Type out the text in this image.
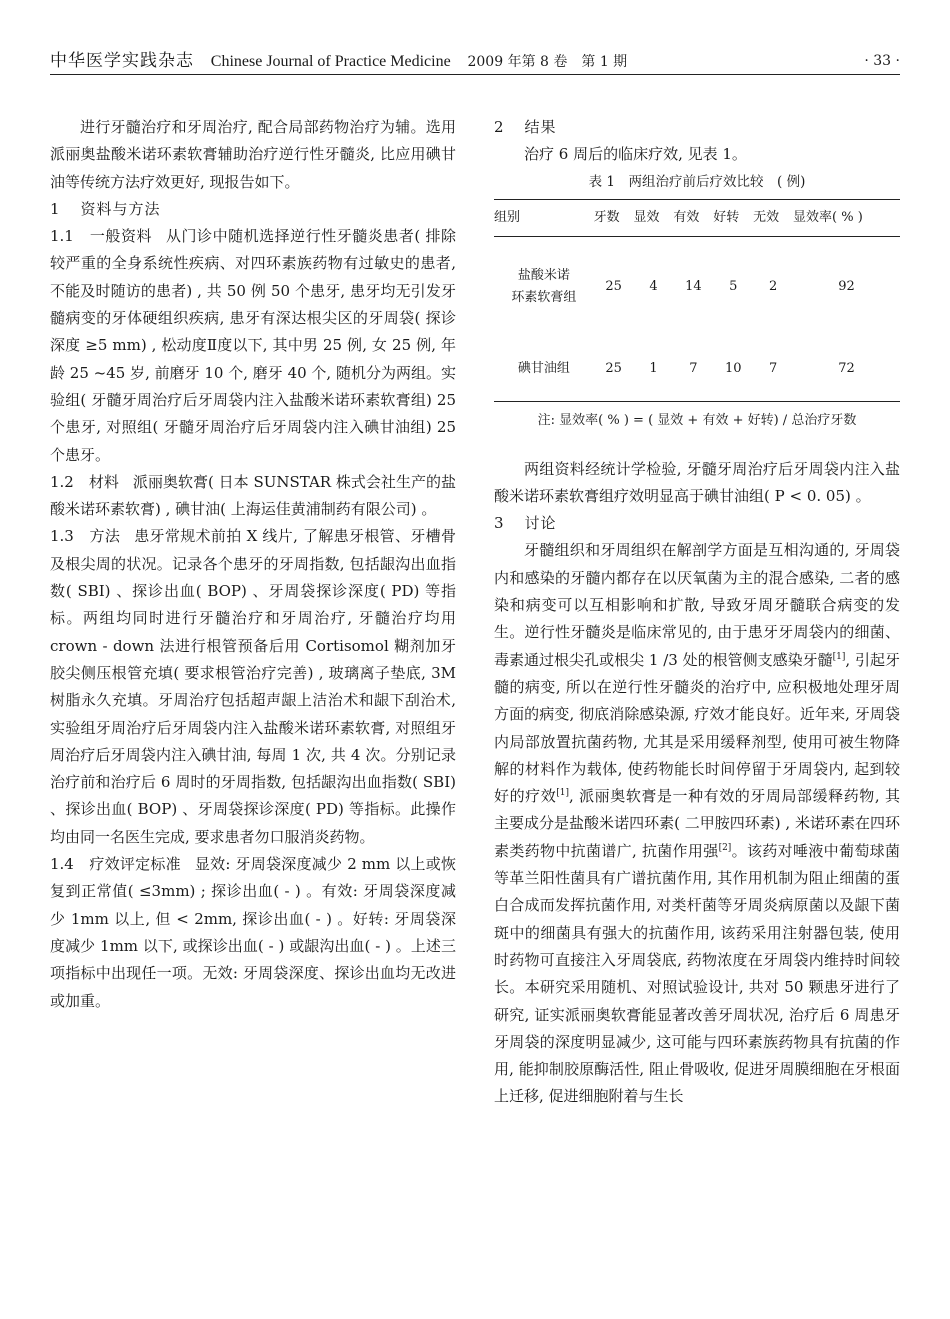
中华医学实践杂志 Chinese Journal of Practice Medicine 2009 年第 8 卷　第 1 期	· 33 ·

进行牙髓治疗和牙周治疗, 配合局部药物治疗为辅。选用派丽奥盐酸米诺环素软膏辅助治疗逆行性牙髓炎, 比应用碘甘油等传统方法疗效更好, 现报告如下。

1 资料与方法

1.1　一般资料 从门诊中随机选择逆行性牙髓炎患者( 排除较严重的全身系统性疾病、对四环素族药物有过敏史的患者, 不能及时随访的患者) , 共 50 例 50 个患牙, 患牙均无引发牙髓病变的牙体硬组织疾病, 患牙有深达根尖区的牙周袋( 探诊深度 ≥5 mm) , 松动度Ⅱ度以下, 其中男 25 例, 女 25 例, 年龄 25 ~45 岁, 前磨牙 10 个, 磨牙 40 个, 随机分为两组。实验组( 牙髓牙周治疗后牙周袋内注入盐酸米诺环素软膏组) 25 个患牙, 对照组( 牙髓牙周治疗后牙周袋内注入碘甘油组) 25 个患牙。

1.2　材料 派丽奥软膏( 日本 SUNSTAR 株式会社生产的盐酸米诺环素软膏) , 碘甘油( 上海运佳黄浦制药有限公司) 。

1.3　方法 患牙常规术前拍 X 线片, 了解患牙根管、牙槽骨及根尖周的状况。记录各个患牙的牙周指数, 包括龈沟出血指数( SBI) 、探诊出血( BOP) 、牙周袋探诊深度( PD) 等指标。两组均同时进行牙髓治疗和牙周治疗, 牙髓治疗均用 crown - down 法进行根管预备后用 Cortisomol 糊剂加牙胶尖侧压根管充填( 要求根管治疗完善) , 玻璃离子垫底, 3M 树脂永久充填。牙周治疗包括超声龈上洁治术和龈下刮治术, 实验组牙周治疗后牙周袋内注入盐酸米诺环素软膏, 对照组牙周治疗后牙周袋内注入碘甘油, 每周 1 次, 共 4 次。分别记录治疗前和治疗后 6 周时的牙周指数, 包括龈沟出血指数( SBI) 、探诊出血( BOP) 、牙周袋探诊深度( PD) 等指标。此操作均由同一名医生完成, 要求患者勿口服消炎药物。

1.4　疗效评定标准 显效: 牙周袋深度减少 2 mm 以上或恢复到正常值( ≤3mm) ; 探诊出血( - ) 。有效: 牙周袋深度减少 1mm 以上, 但 < 2mm, 探诊出血( - ) 。好转: 牙周袋深度减少 1mm 以下, 或探诊出血( - ) 或龈沟出血( - ) 。上述三项指标中出现任一项。无效: 牙周袋深度、探诊出血均无改进或加重。

2 结果

治疗 6 周后的临床疗效, 见表 1。

表 1　两组治疗前后疗效比较　( 例)
组别	牙数	显效	有效	好转	无效	显效率( % )
盐酸米诺
环素软膏组	25	4	14	5	2	92
碘甘油组	25	1	7	10	7	72
注: 显效率( % ) = ( 显效 + 有效 + 好转) / 总治疗牙数

两组资料经统计学检验, 牙髓牙周治疗后牙周袋内注入盐酸米诺环素软膏组疗效明显高于碘甘油组( P < 0. 05) 。

3 讨论

牙髓组织和牙周组织在解剖学方面是互相沟通的, 牙周袋内和感染的牙髓内都存在以厌氧菌为主的混合感染, 二者的感染和病变可以互相影响和扩散, 导致牙周牙髓联合病变的发生。逆行性牙髓炎是临床常见的, 由于患牙牙周袋内的细菌、毒素通过根尖孔或根尖 1 /3 处的根管侧支感染牙髓[1], 引起牙髓的病变, 所以在逆行性牙髓炎的治疗中, 应积极地处理牙周方面的病变, 彻底消除感染源, 疗效才能良好。近年来, 牙周袋内局部放置抗菌药物, 尤其是采用缓释剂型, 使用可被生物降解的材料作为载体, 使药物能长时间停留于牙周袋内, 起到较好的疗效[1], 派丽奥软膏是一种有效的牙周局部缓释药物, 其主要成分是盐酸米诺四环素( 二甲胺四环素) , 米诺环素在四环素类药物中抗菌谱广, 抗菌作用强[2]。该药对唾液中葡萄球菌等革兰阳性菌具有广谱抗菌作用, 其作用机制为阻止细菌的蛋白合成而发挥抗菌作用, 对类杆菌等牙周炎病原菌以及龈下菌斑中的细菌具有强大的抗菌作用, 该药采用注射器包装, 使用时药物可直接注入牙周袋底, 药物浓度在牙周袋内维持时间较长。本研究采用随机、对照试验设计, 共对 50 颗患牙进行了研究, 证实派丽奥软膏能显著改善牙周状况, 治疗后 6 周患牙牙周袋的深度明显减少, 这可能与四环素族药物具有抗菌的作用, 能抑制胶原酶活性, 阻止骨吸收, 促进牙周膜细胞在牙根面上迁移, 促进细胞附着与生长
